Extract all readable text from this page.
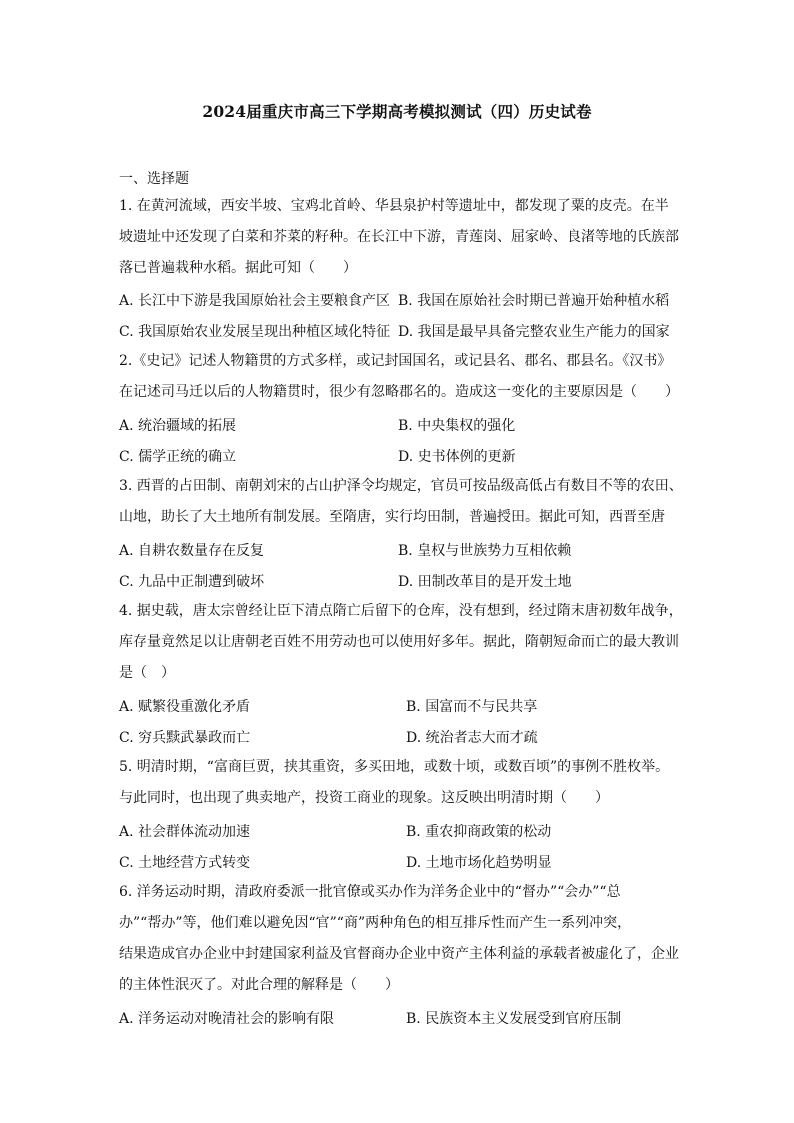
2024届重庆市高三下学期高考模拟测试（四）历史试卷
一、选择题
1. 在黄河流域，西安半坡、宝鸡北首岭、华县泉护村等遗址中，都发现了粟的皮壳。在半
坡遗址中还发现了白菜和芥菜的籽种。在长江中下游，青莲岗、屈家岭、良渚等地的氏族部
落已普遍栽种水稻。据此可知（　　）
A. 长江中下游是我国原始社会主要粮食产区 B. 我国在原始社会时期已普遍开始种植水稻
C. 我国原始农业发展呈现出种植区域化特征 D. 我国是最早具备完整农业生产能力的国家
2.《史记》记述人物籍贯的方式多样，或记封国国名，或记县名、郡名、郡县名。《汉书》
在记述司马迁以后的人物籍贯时，很少有忽略郡名的。造成这一变化的主要原因是（　　）
A. 统治疆域的拓展	B. 中央集权的强化
C. 儒学正统的确立	D. 史书体例的更新
3. 西晋的占田制、南朝刘宋的占山护泽令均规定，官员可按品级高低占有数目不等的农田、
山地，助长了大土地所有制发展。至隋唐，实行均田制，普遍授田。据此可知，西晋至唐
A. 自耕农数量存在反复	B. 皇权与世族势力互相依赖
C. 九品中正制遭到破坏	D. 田制改革目的是开发土地
4. 据史载，唐太宗曾经让臣下清点隋亡后留下的仓库，没有想到，经过隋末唐初数年战争，
库存量竟然足以让唐朝老百姓不用劳动也可以使用好多年。据此，隋朝短命而亡的最大教训
是（　）
A. 赋繁役重激化矛盾	B. 国富而不与民共享
C. 穷兵黩武暴政而亡	D. 统治者志大而才疏
5. 明清时期，“富商巨贾，挟其重资，多买田地，或数十顷，或数百顷”的事例不胜枚举。
与此同时，也出现了典卖地产，投资工商业的现象。这反映出明清时期（　　）
A. 社会群体流动加速	B. 重农抑商政策的松动
C. 土地经营方式转变	D. 土地市场化趋势明显
6. 洋务运动时期，清政府委派一批官僚或买办作为洋务企业中的“督办”“会办”“总
办”“帮办”等，他们难以避免因“官”“商”两种角色的相互排斥性而产生一系列冲突，
结果造成官办企业中封建国家利益及官督商办企业中资产主体利益的承载者被虚化了，企业
的主体性泯灭了。对此合理的解释是（　　）
A. 洋务运动对晚清社会的影响有限	B. 民族资本主义发展受到官府压制
